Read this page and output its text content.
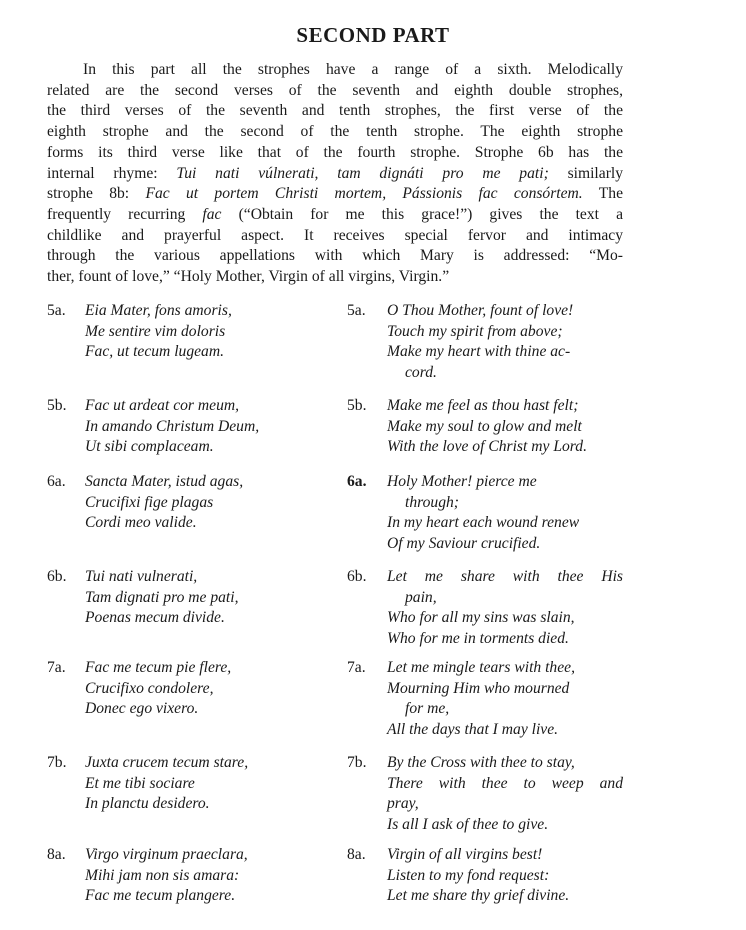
SECOND PART
In this part all the strophes have a range of a sixth. Melodically
related are the second verses of the seventh and eighth double strophes,
the third verses of the seventh and tenth strophes, the first verse of the
eighth strophe and the second of the tenth strophe. The eighth strophe
forms its third verse like that of the fourth strophe. Strophe 6b has the
internal rhyme: Tui nati vúlnerati, tam dignáti pro me pati; similarly
strophe 8b: Fac ut portem Christi mortem, Pássionis fac consórtem. The
frequently recurring fac (“Obtain for me this grace!”) gives the text a
childlike and prayerful aspect. It receives special fervor and intimacy
through the various appellations with which Mary is addressed: “Mo-
ther, fount of love,” “Holy Mother, Virgin of all virgins, Virgin.”
5a. Eia Mater, fons amoris,
Me sentire vim doloris
Fac, ut tecum lugeam.
5a. O Thou Mother, fount of love!
Touch my spirit from above;
Make my heart with thine ac-
cord.
5b. Fac ut ardeat cor meum,
In amando Christum Deum,
Ut sibi complaceam.
5b. Make me feel as thou hast felt;
Make my soul to glow and melt
With the love of Christ my Lord.
6a. Sancta Mater, istud agas,
Crucifixi fige plagas
Cordi meo valide.
6a. Holy Mother! pierce me
through;
In my heart each wound renew
Of my Saviour crucified.
6b. Tui nati vulnerati,
Tam dignati pro me pati,
Poenas mecum divide.
6b. Let me share with thee His
pain,
Who for all my sins was slain,
Who for me in torments died.
7a. Fac me tecum pie flere,
Crucifixo condolere,
Donec ego vixero.
7a. Let me mingle tears with thee,
Mourning Him who mourned
for me,
All the days that I may live.
7b. Juxta crucem tecum stare,
Et me tibi sociare
In planctu desidero.
7b. By the Cross with thee to stay,
There with thee to weep and
pray,
Is all I ask of thee to give.
8a. Virgo virginum praeclara,
Mihi jam non sis amara:
Fac me tecum plangere.
8a. Virgin of all virgins best!
Listen to my fond request:
Let me share thy grief divine.
